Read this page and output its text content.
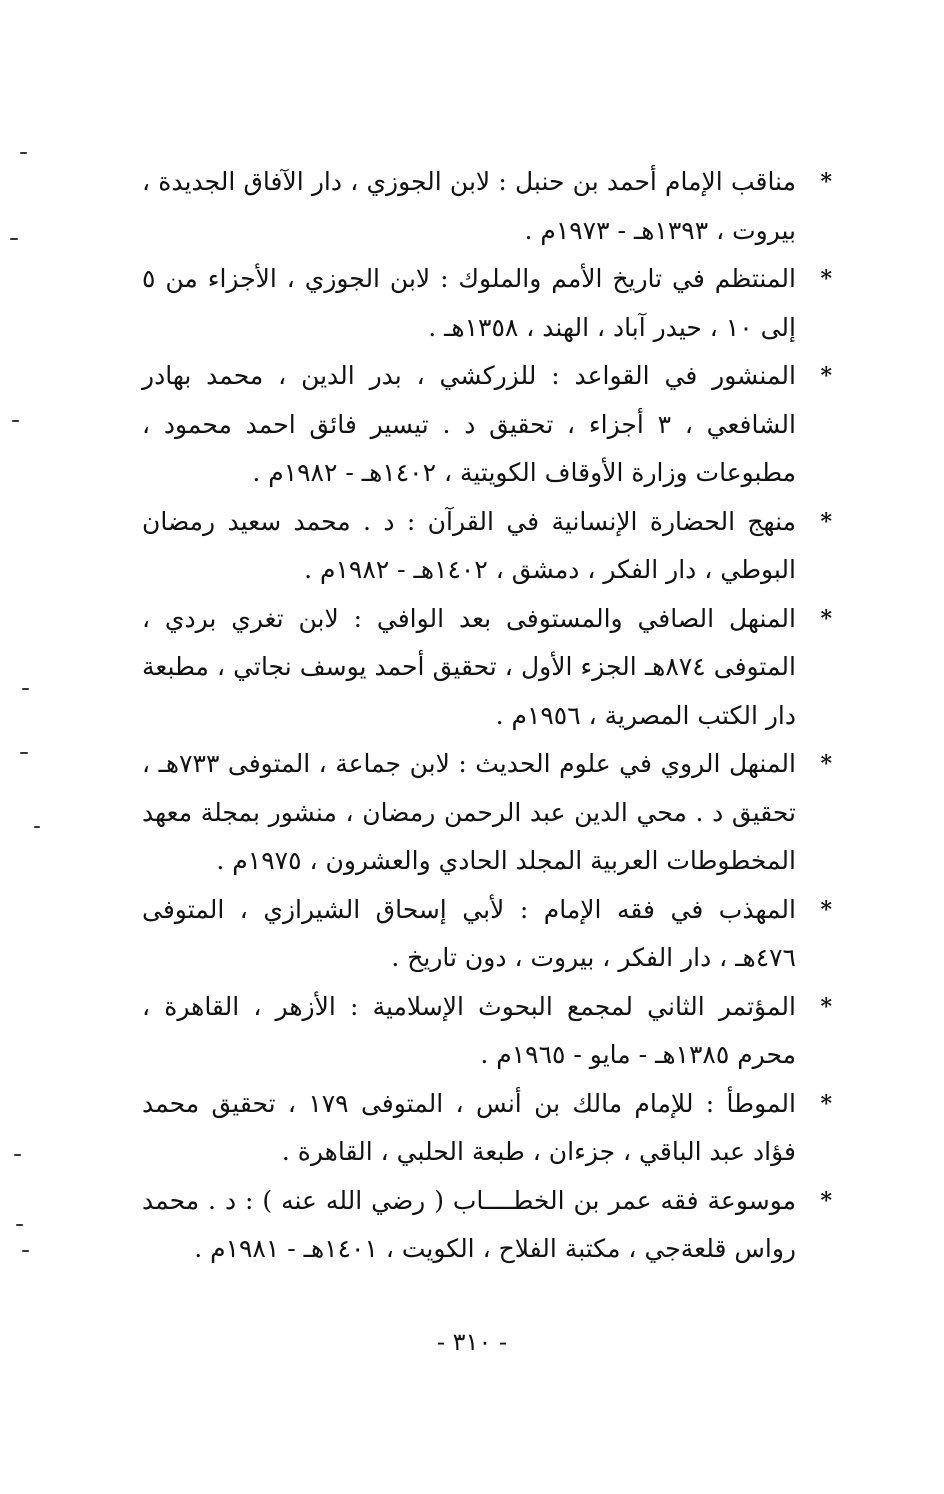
*
مناقب الإمام أحمد بن حنبل : لابن الجوزي ، دار الآفاق الجديدة ، بيروت ، ١٣٩٣هـ - ١٩٧٣م .
*
المنتظم في تاريخ الأمم والملوك : لابن الجوزي ، الأجزاء من ٥ إلى ١٠ ، حيدر آباد ، الهند ، ١٣٥٨هـ .
*
المنشور في القواعد : للزركشي ، بدر الدين ، محمد بهادر الشافعي ، ٣ أجزاء ، تحقيق د . تيسير فائق احمد محمود ، مطبوعات وزارة الأوقاف الكويتية ، ١٤٠٢هـ - ١٩٨٢م .
*
منهج الحضارة الإنسانية في القرآن : د . محمد سعيد رمضان البوطي ، دار الفكر ، دمشق ، ١٤٠٢هـ - ١٩٨٢م .
*
المنهل الصافي والمستوفى بعد الوافي : لابن تغري بردي ، المتوفى ٨٧٤هـ الجزء الأول ، تحقيق أحمد يوسف نجاتي ، مطبعة دار الكتب المصرية ، ١٩٥٦م .
*
المنهل الروي في علوم الحديث : لابن جماعة ، المتوفى ٧٣٣هـ ، تحقيق د . محي الدين عبد الرحمن رمضان ، منشور بمجلة معهد المخطوطات العربية المجلد الحادي والعشرون ، ١٩٧٥م .
*
المهذب في فقه الإمام : لأبي إسحاق الشيرازي ، المتوفى ٤٧٦هـ ، دار الفكر ، بيروت ، دون تاريخ .
*
المؤتمر الثاني لمجمع البحوث الإسلامية : الأزهر ، القاهرة ، محرم ١٣٨٥هـ - مايو - ١٩٦٥م .
*
الموطأ : للإمام مالك بن أنس ، المتوفى ١٧٩ ، تحقيق محمد فؤاد عبد الباقي ، جزءان ، طبعة الحلبي ، القاهرة .
*
موسوعة فقه عمر بن الخطــــاب ( رضي الله عنه ) : د . محمد رواس قلعةجي ، مكتبة الفلاح ، الكويت ، ١٤٠١هـ - ١٩٨١م .
- ٣١٠ -
